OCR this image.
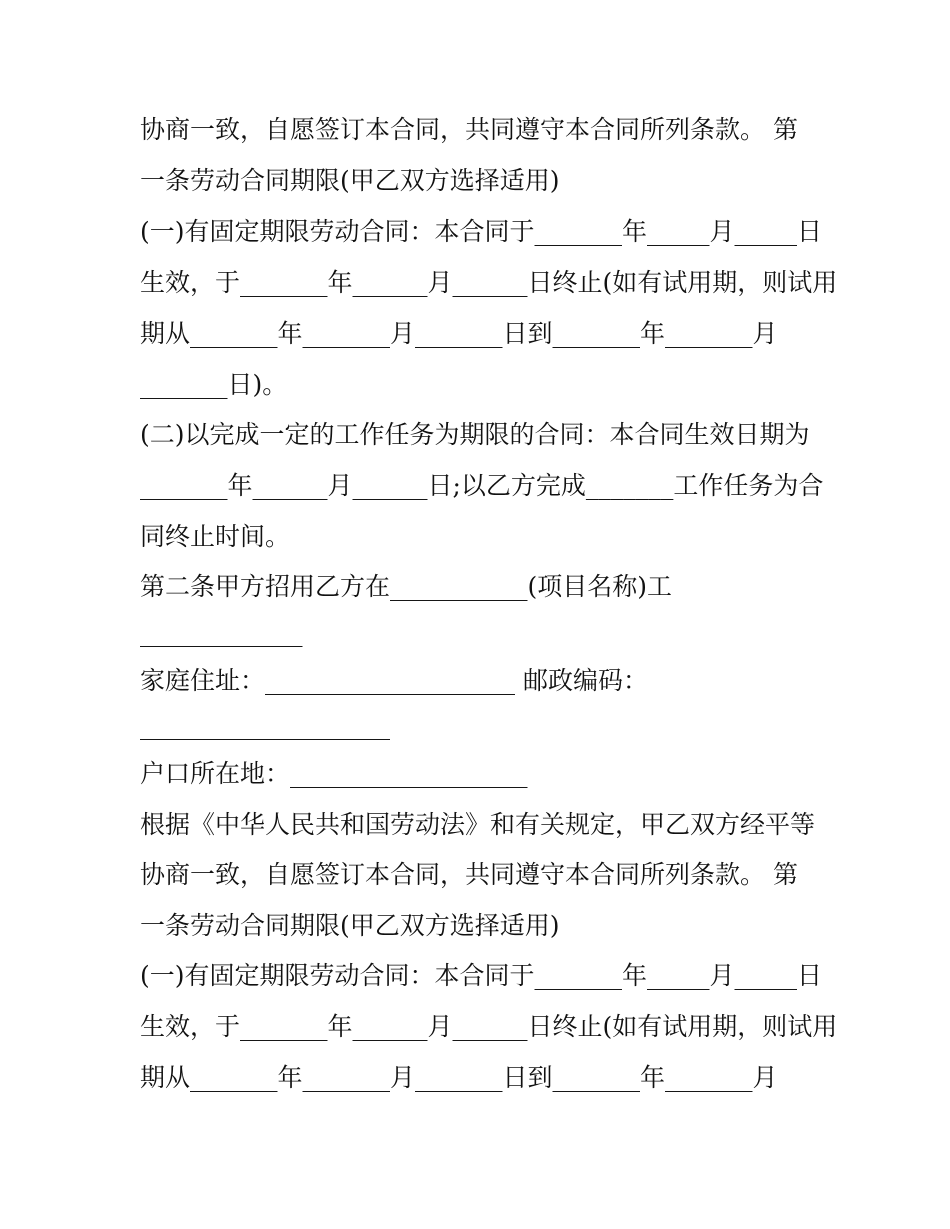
协商一致，自愿签订本合同，共同遵守本合同所列条款。 第
一条劳动合同期限(甲乙双方选择适用)
(一)有固定期限劳动合同：本合同于_______年_____月_____日
生效，于_______年______月______日终止(如有试用期，则试用
期从_______年_______月_______日到_______年_______月
_______日)。
(二)以完成一定的工作任务为期限的合同：本合同生效日期为
_______年______月______日;以乙方完成_______工作任务为合
同终止时间。
第二条甲方招用乙方在___________(项目名称)工
_____________
家庭住址：____________________ 邮政编码：
____________________
户口所在地：___________________
根据《中华人民共和国劳动法》和有关规定，甲乙双方经平等
协商一致，自愿签订本合同，共同遵守本合同所列条款。 第
一条劳动合同期限(甲乙双方选择适用)
(一)有固定期限劳动合同：本合同于_______年_____月_____日
生效，于_______年______月______日终止(如有试用期，则试用
期从_______年_______月_______日到_______年_______月
